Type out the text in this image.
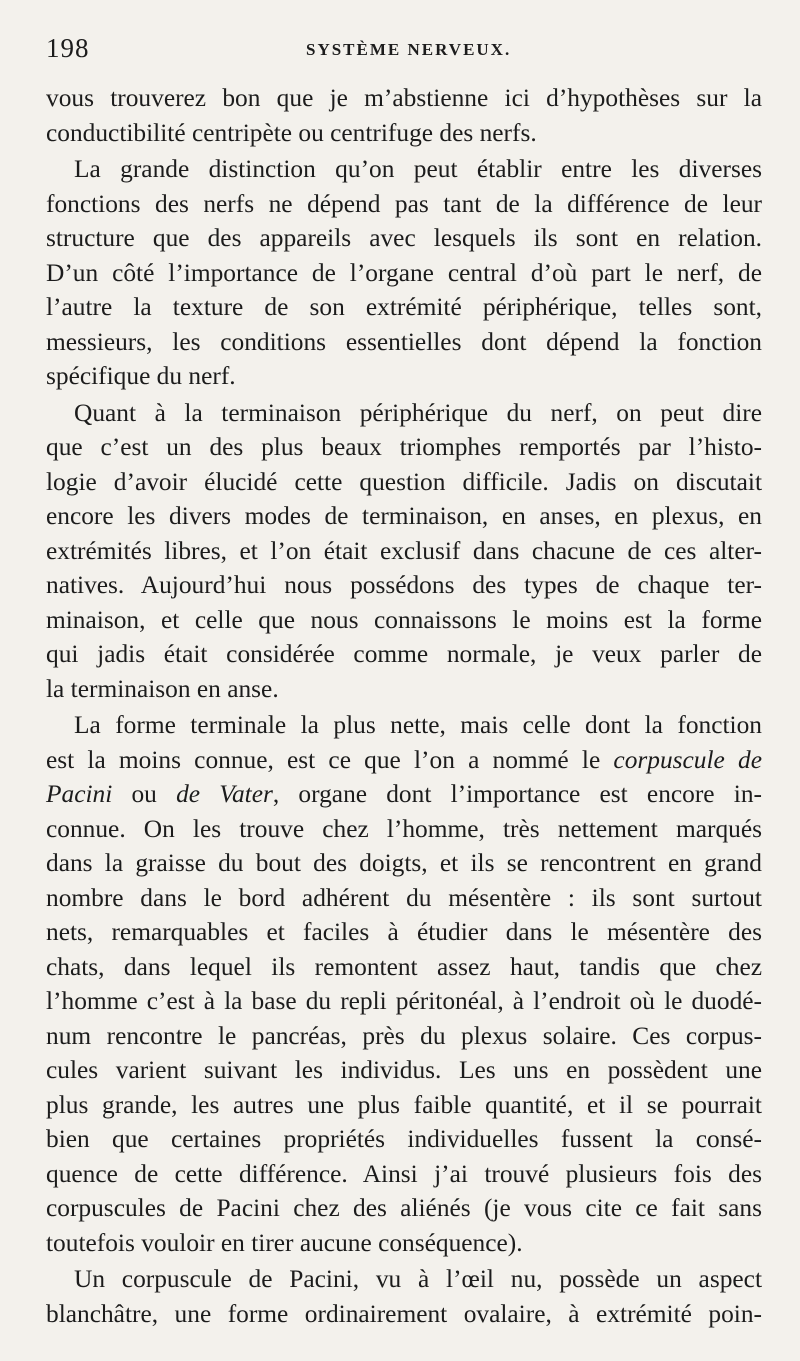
198	SYSTÈME NERVEUX.
vous trouverez bon que je m’abstienne ici d’hypothèses sur la
conductibilité centripète ou centrifuge des nerfs.
La grande distinction qu’on peut établir entre les diverses
fonctions des nerfs ne dépend pas tant de la différence de leur
structure que des appareils avec lesquels ils sont en relation.
D’un côté l’importance de l’organe central d’où part le nerf, de
l’autre la texture de son extrémité périphérique, telles sont,
messieurs, les conditions essentielles dont dépend la fonction
spécifique du nerf.
Quant à la terminaison périphérique du nerf, on peut dire
que c’est un des plus beaux triomphes remportés par l’histo-
logie d’avoir élucidé cette question difficile. Jadis on discutait
encore les divers modes de terminaison, en anses, en plexus, en
extrémités libres, et l’on était exclusif dans chacune de ces alter-
natives. Aujourd’hui nous possédons des types de chaque ter-
minaison, et celle que nous connaissons le moins est la forme
qui jadis était considérée comme normale, je veux parler de
la terminaison en anse.
La forme terminale la plus nette, mais celle dont la fonction
est la moins connue, est ce que l’on a nommé le corpuscule de
Pacini ou de Vater, organe dont l’importance est encore in-
connue. On les trouve chez l’homme, très nettement marqués
dans la graisse du bout des doigts, et ils se rencontrent en grand
nombre dans le bord adhérent du mésentère : ils sont surtout
nets, remarquables et faciles à étudier dans le mésentère des
chats, dans lequel ils remontent assez haut, tandis que chez
l’homme c’est à la base du repli péritonéal, à l’endroit où le duodé-
num rencontre le pancréas, près du plexus solaire. Ces corpus-
cules varient suivant les individus. Les uns en possèdent une
plus grande, les autres une plus faible quantité, et il se pourrait
bien que certaines propriétés individuelles fussent la consé-
quence de cette différence. Ainsi j’ai trouvé plusieurs fois des
corpuscules de Pacini chez des aliénés (je vous cite ce fait sans
toutefois vouloir en tirer aucune conséquence).
Un corpuscule de Pacini, vu à l’œil nu, possède un aspect
blanchâtre, une forme ordinairement ovalaire, à extrémité poin-
